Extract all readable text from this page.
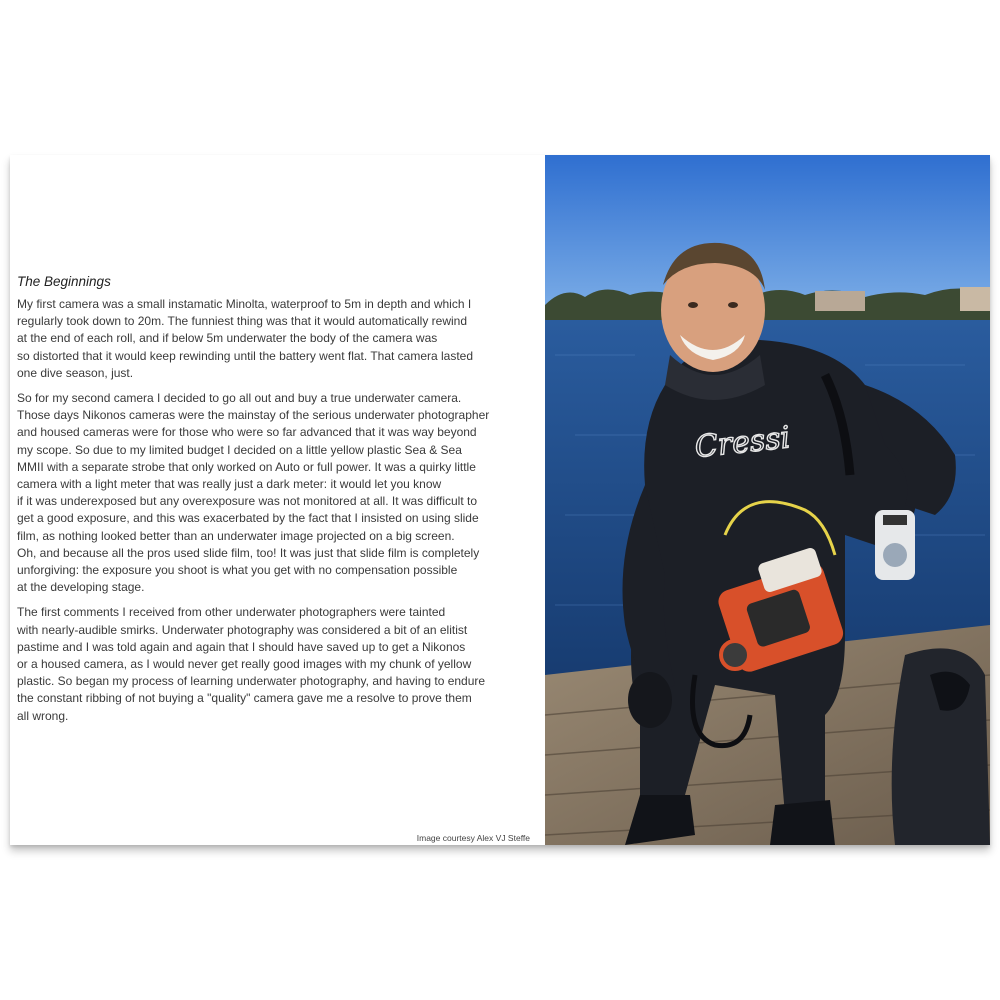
The Beginnings

My first camera was a small instamatic Minolta, waterproof to 5m in depth and which I
regularly took down to 20m. The funniest thing was that it would automatically rewind
at the end of each roll, and if below 5m underwater the body of the camera was
so distorted that it would keep rewinding until the battery went flat. That camera lasted
one dive season, just.

So for my second camera I decided to go all out and buy a true underwater camera.
Those days Nikonos cameras were the mainstay of the serious underwater photographer
and housed cameras were for those who were so far advanced that it was way beyond
my scope. So due to my limited budget I decided on a little yellow plastic Sea & Sea
MMII with a separate strobe that only worked on Auto or full power. It was a quirky little
camera with a light meter that was really just a dark meter: it would let you know
if it was underexposed but any overexposure was not monitored at all. It was difficult to
get a good exposure, and this was exacerbated by the fact that I insisted on using slide
film, as nothing looked better than an underwater image projected on a big screen.
Oh, and because all the pros used slide film, too! It was just that slide film is completely
unforgiving: the exposure you shoot is what you get with no compensation possible
at the developing stage.

The first comments I received from other underwater photographers were tainted
with nearly-audible smirks. Underwater photography was considered a bit of an elitist
pastime and I was told again and again that I should have saved up to get a Nikonos
or a housed camera, as I would never get really good images with my chunk of yellow
plastic. So began my process of learning underwater photography, and having to endure
the constant ribbing of not buying a "quality" camera gave me a resolve to prove them
all wrong.

Image courtesy Alex VJ Steffe
Cressi
